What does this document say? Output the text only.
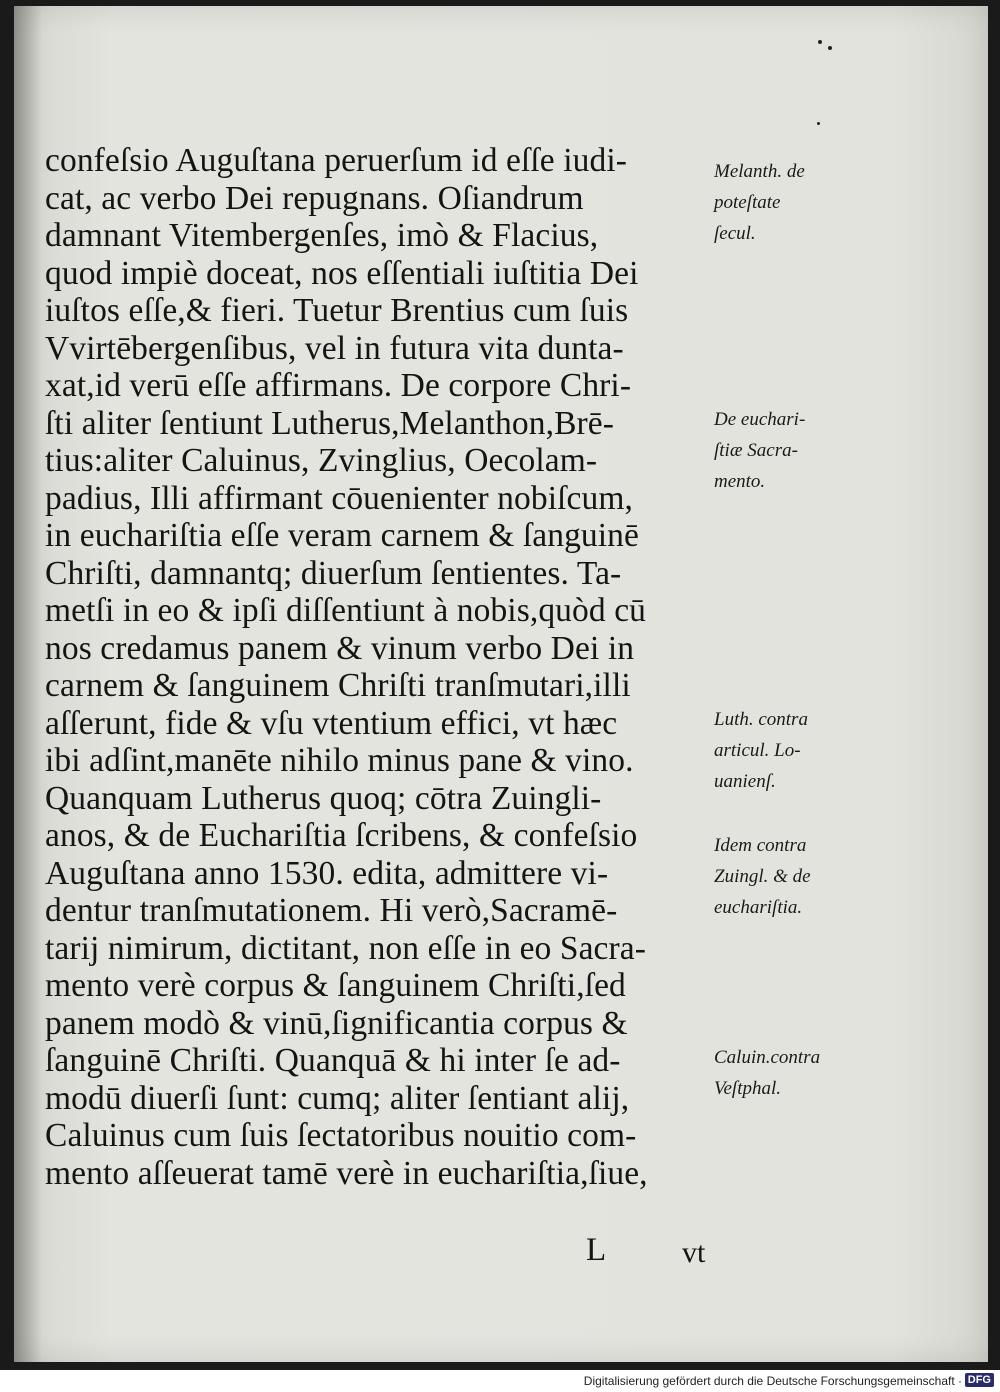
confeſsio Auguſtana peruerſum id eſſe iudi-
cat, ac verbo Dei repugnans. Oſiandrum
damnant Vitembergenſes, imò & Flacius,
quod impiè doceat, nos eſſentiali iuſtitia Dei
iuſtos eſſe,& fieri. Tuetur Brentius cum ſuis
Vvirtēbergenſibus, vel in futura vita dunta-
xat,id verū eſſe affirmans. De corpore Chri-
ſti aliter ſentiunt Lutherus,Melanthon,Brē-
tius:aliter Caluinus, Zvinglius, Oecolam-
padius, Illi affirmant cōuenienter nobiſcum,
in euchariſtia eſſe veram carnem & ſanguinē
Chriſti, damnantq; diuerſum ſentientes. Ta-
metſi in eo & ipſi diſſentiunt à nobis,quòd cū
nos credamus panem & vinum verbo Dei in
carnem & ſanguinem Chriſti tranſmutari,illi
aſſerunt, fide & vſu vtentium effici, vt hæc
ibi adſint,manēte nihilo minus pane & vino.
Quanquam Lutherus quoq; cōtra Zuingli-
anos, & de Euchariſtia ſcribens, & confeſsio
Auguſtana anno 1530. edita, admittere vi-
dentur tranſmutationem. Hi verò,Sacramē-
tarij nimirum, dictitant, non eſſe in eo Sacra-
mento verè corpus & ſanguinem Chriſti,ſed
panem modò & vinū,ſignificantia corpus &
ſanguinē Chriſti. Quanquā & hi inter ſe ad-
modū diuerſi ſunt: cumq; aliter ſentiant alij,
Caluinus cum ſuis ſectatoribus nouitio com-
mento aſſeuerat tamē verè in euchariſtia,ſiue,
Melanth. de
poteſtate
ſecul.
De euchari-
ſtiæ Sacra-
mento.
Luth. contra
articul. Lo-
uanienſ.
Idem contra
Zuingl. & de
euchariſtia.
Caluin.contra
Veſtphal.
L	vt
Digitalisierung gefördert durch die Deutsche Forschungsgemeinschaft · DFG
